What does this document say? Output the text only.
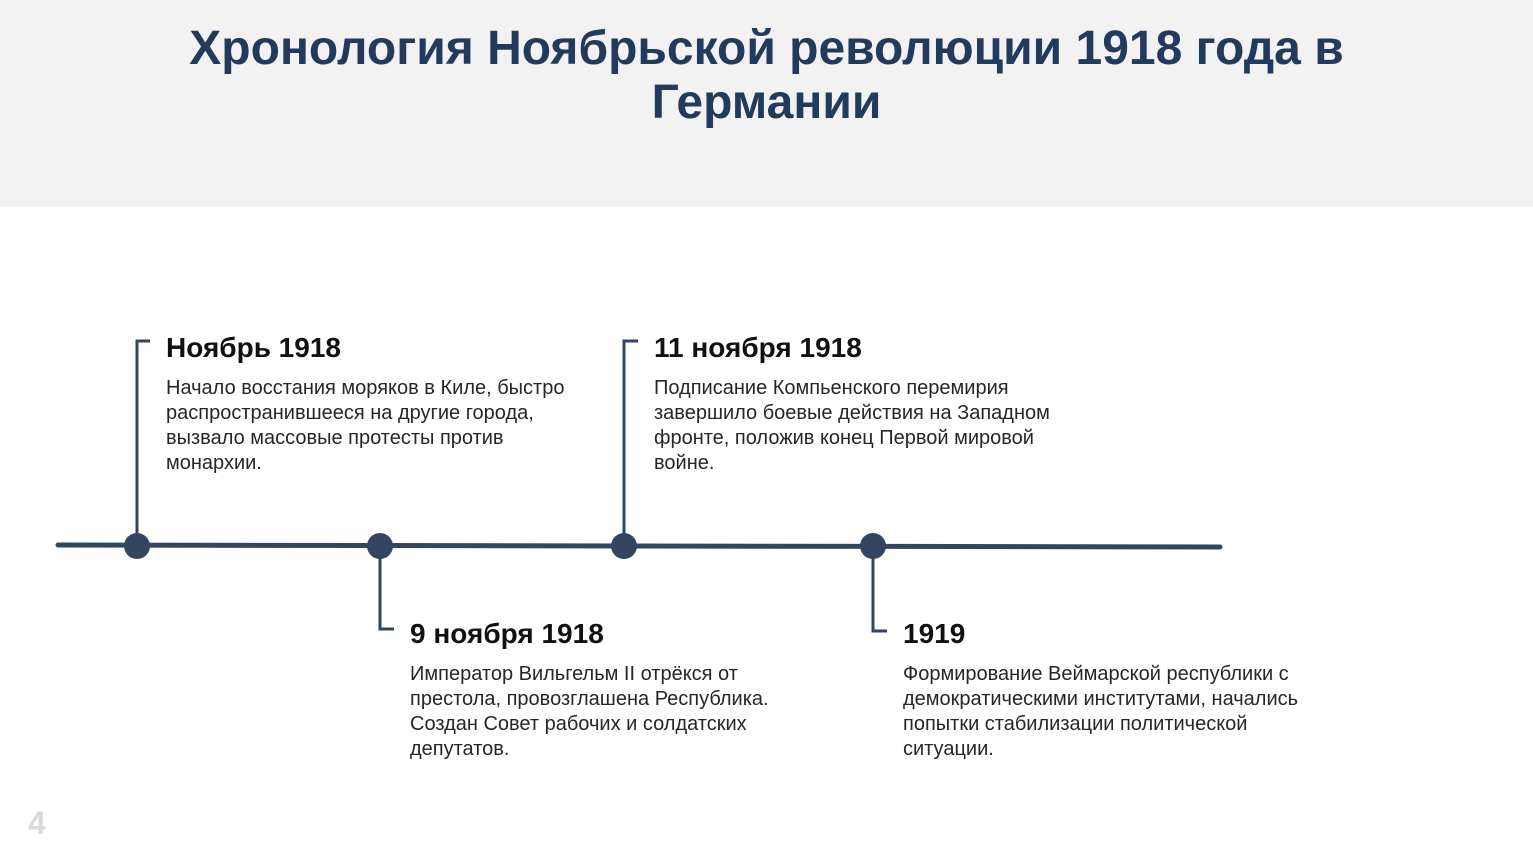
Хронология Ноябрьской революции 1918 года в Германии

Ноябрь 1918

Начало восстания моряков в Киле, быстро распространившееся на другие города, вызвало массовые протесты против монархии.

9 ноября 1918

Император Вильгельм II отрёкся от престола, провозглашена Республика. Создан Совет рабочих и солдатских депутатов.

11 ноября 1918

Подписание Компьенского перемирия завершило боевые действия на Западном фронте, положив конец Первой мировой войне.

1919

Формирование Веймарской республики с демократическими институтами, начались попытки стабилизации политической ситуации.

4
